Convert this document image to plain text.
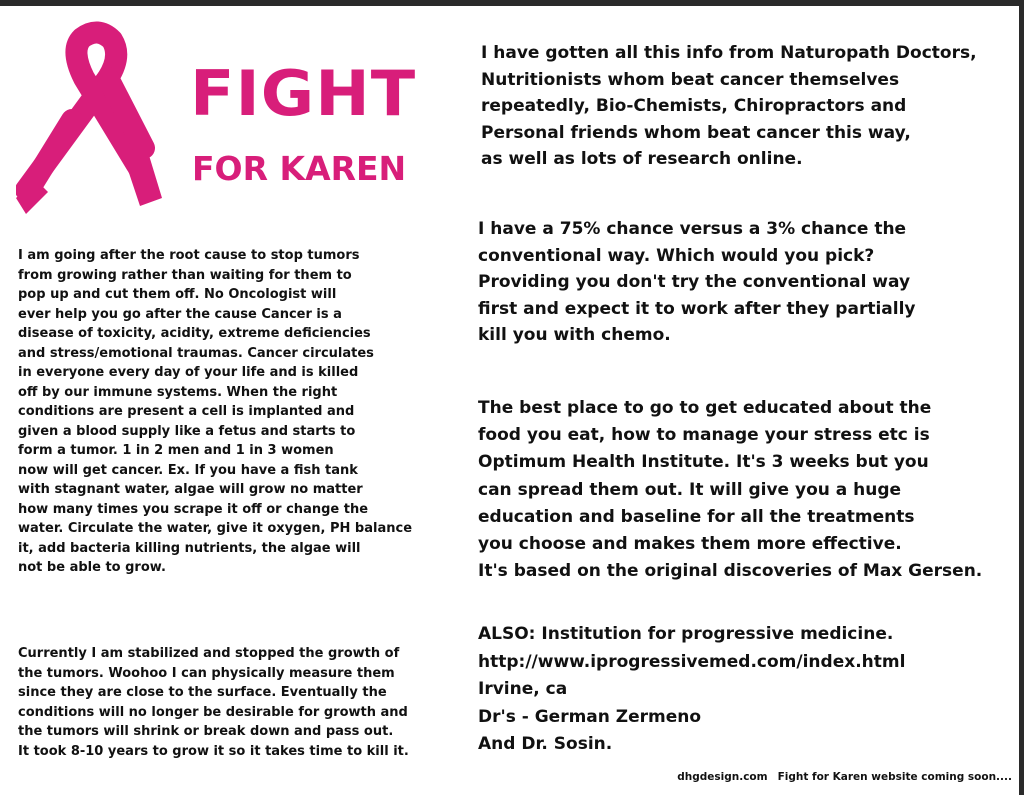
FIGHT
FOR KAREN

I am going after the root cause to stop tumors
from growing rather than waiting for them to
pop up and cut them off. No Oncologist will
ever help you go after the cause Cancer is a
disease of toxicity, acidity, extreme deficiencies
and stress/emotional traumas. Cancer circulates
in everyone every day of your life and is killed
off by our immune systems. When the right
conditions are present a cell is implanted and
given a blood supply like a fetus and starts to
form a tumor. 1 in 2 men and 1 in 3 women
now will get cancer. Ex. If you have a fish tank
with stagnant water, algae will grow no matter
how many times you scrape it off or change the
water. Circulate the water, give it oxygen, PH balance
it, add bacteria killing nutrients, the algae will
not be able to grow.

Currently I am stabilized and stopped the growth of
the tumors. Woohoo I can physically measure them
since they are close to the surface. Eventually the
conditions will no longer be desirable for growth and
the tumors will shrink or break down and pass out.
It took 8-10 years to grow it so it takes time to kill it.

I have gotten all this info from Naturopath Doctors,
Nutritionists whom beat cancer themselves
repeatedly, Bio-Chemists, Chiropractors and
Personal friends whom beat cancer this way,
as well as lots of research online.

I have a 75% chance versus a 3% chance the
conventional way. Which would you pick?
Providing you don't try the conventional way
first and expect it to work after they partially
kill you with chemo.

The best place to go to get educated about the
food you eat, how to manage your stress etc is
Optimum Health Institute. It's 3 weeks but you
can spread them out. It will give you a huge
education and baseline for all the treatments
you choose and makes them more effective.
It's based on the original discoveries of Max Gersen.

ALSO: Institution for progressive medicine.
http://www.iprogressivemed.com/index.html
Irvine, ca
Dr's - German Zermeno
And Dr. Sosin.

dhgdesign.com Fight for Karen website coming soon....
